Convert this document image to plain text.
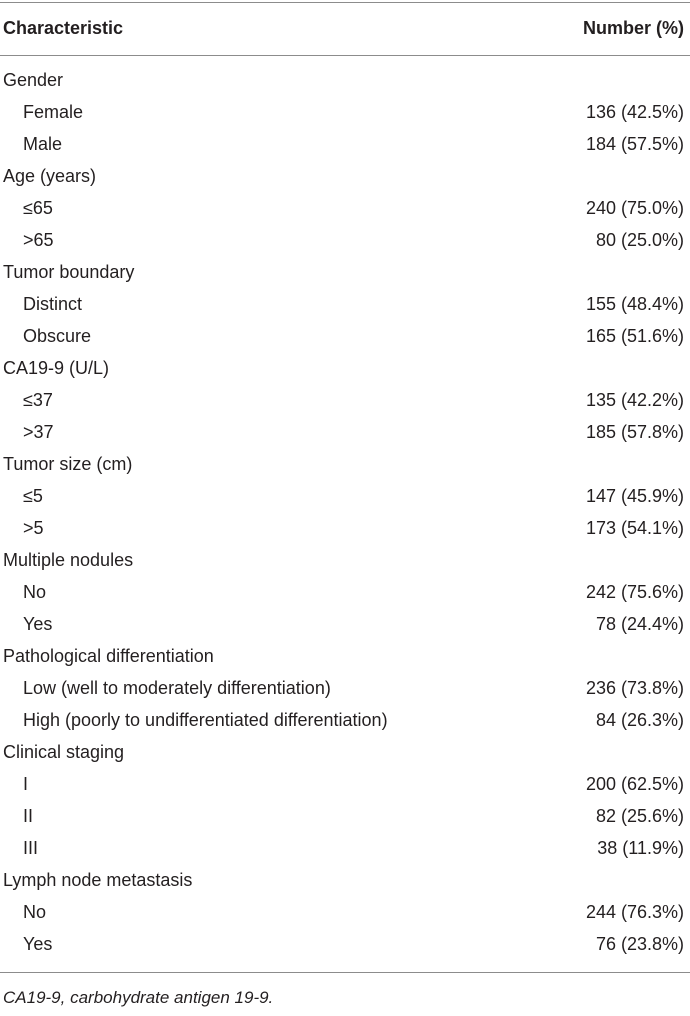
Characteristic	Number (%)
Gender
Female	136 (42.5%)
Male	184 (57.5%)
Age (years)
≤65	240 (75.0%)
>65	80 (25.0%)
Tumor boundary
Distinct	155 (48.4%)
Obscure	165 (51.6%)
CA19-9 (U/L)
≤37	135 (42.2%)
>37	185 (57.8%)
Tumor size (cm)
≤5	147 (45.9%)
>5	173 (54.1%)
Multiple nodules
No	242 (75.6%)
Yes	78 (24.4%)
Pathological differentiation
Low (well to moderately differentiation)	236 (73.8%)
High (poorly to undifferentiated differentiation)	84 (26.3%)
Clinical staging
I	200 (62.5%)
II	82 (25.6%)
III	38 (11.9%)
Lymph node metastasis
No	244 (76.3%)
Yes	76 (23.8%)
CA19-9, carbohydrate antigen 19-9.
